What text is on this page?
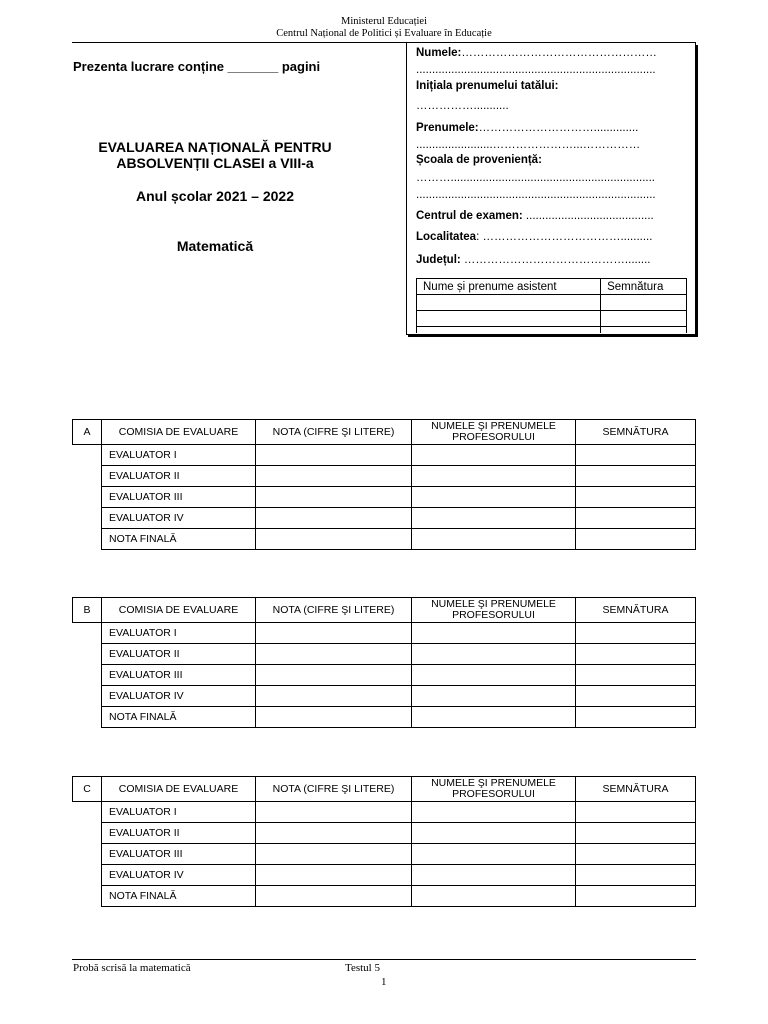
Ministerul Educației
Centrul Național de Politici și Evaluare în Educație
Prezenta lucrare conține _______ pagini
EVALUAREA NAȚIONALĂ PENTRU
ABSOLVENȚII CLASEI a VIII-a
Anul școlar 2021 – 2022
Matematică
Numele:……………………………………………
...........................................................................
Inițiala prenumelui tatălui:
……………...........
Prenumele:…………………………..............
........................…………………...……………
Școala de proveniență:
………................................................................
...........................................................................
Centrul de examen: ........................................
Localitatea: ………………………………..........
Județul: ……………………………………........
Nume și prenume asistent	Semnătura

A	COMISIA DE EVALUARE	NOTA (CIFRE ŞI LITERE)	NUMELE ŞI PRENUMELE PROFESORULUI	SEMNĂTURA
	EVALUATOR I			
	EVALUATOR II			
	EVALUATOR III			
	EVALUATOR IV			
	NOTA FINALĂ			
B	COMISIA DE EVALUARE	NOTA (CIFRE ŞI LITERE)	NUMELE ŞI PRENUMELE PROFESORULUI	SEMNĂTURA
	EVALUATOR I			
	EVALUATOR II			
	EVALUATOR III			
	EVALUATOR IV			
	NOTA FINALĂ			
C	COMISIA DE EVALUARE	NOTA (CIFRE ŞI LITERE)	NUMELE ŞI PRENUMELE PROFESORULUI	SEMNĂTURA
	EVALUATOR I			
	EVALUATOR II			
	EVALUATOR III			
	EVALUATOR IV			
	NOTA FINALĂ			
Probă scrisă la matematică	Testul 5
1
